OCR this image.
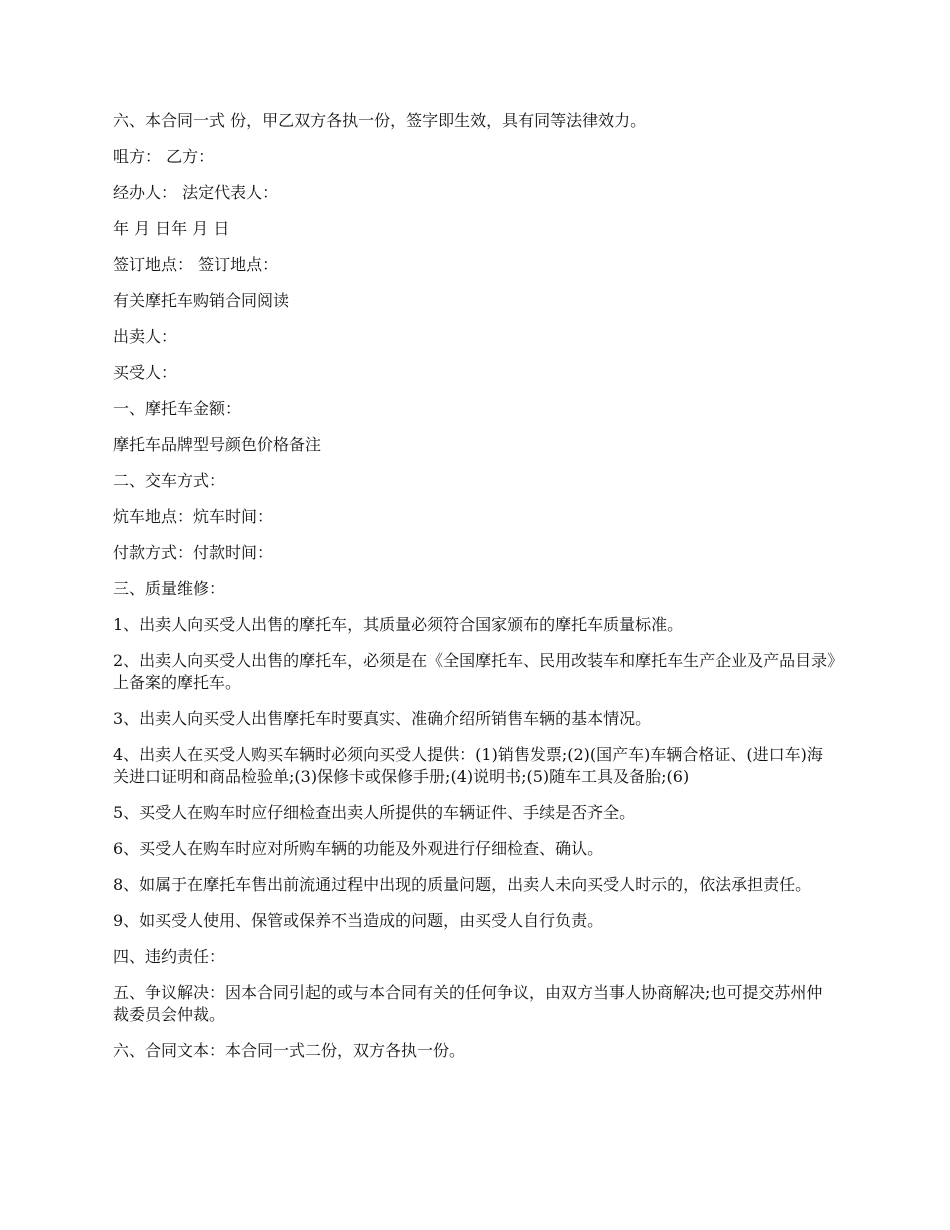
六、本合同一式 份，甲乙双方各执一份，签字即生效，具有同等法律效力。

咀方： 乙方：

经办人： 法定代表人：

年 月 日年 月 日

签订地点： 签订地点：

有关摩托车购销合同阅读

出卖人：

买受人：

一、摩托车金额：

摩托车品牌型号颜色价格备注

二、交车方式：

炕车地点：炕车时间：

付款方式：付款时间：

三、质量维修：

1、出卖人向买受人出售的摩托车，其质量必须符合国家颁布的摩托车质量标准。

2、出卖人向买受人出售的摩托车，必须是在《全国摩托车、民用改装车和摩托车生产企业及产品目录》上备案的摩托车。

3、出卖人向买受人出售摩托车时要真实、准确介绍所销售车辆的基本情况。

4、出卖人在买受人购买车辆时必须向买受人提供：(1)销售发票;(2)(国产车)车辆合格证、(进口车)海关进口证明和商品检验单;(3)保修卡或保修手册;(4)说明书;(5)随车工具及备胎;(6)

5、买受人在购车时应仔细检查出卖人所提供的车辆证件、手续是否齐全。

6、买受人在购车时应对所购车辆的功能及外观进行仔细检查、确认。

8、如属于在摩托车售出前流通过程中出现的质量问题，出卖人未向买受人时示的，依法承担责任。

9、如买受人使用、保管或保养不当造成的问题，由买受人自行负责。

四、违约责任：

五、争议解决：因本合同引起的或与本合同有关的任何争议，由双方当事人协商解决;也可提交苏州仲裁委员会仲裁。

六、合同文本：本合同一式二份，双方各执一份。
